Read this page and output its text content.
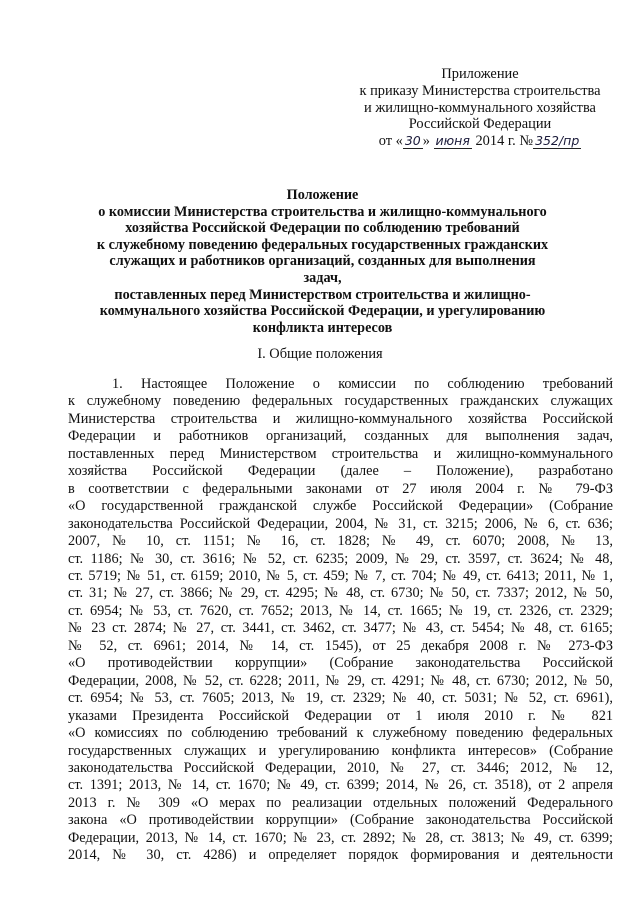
Приложение
к приказу Министерства строительства
и жилищно-коммунального хозяйства
Российской Федерации
от « 30 » июня 2014 г. № 352/пр
Положение
о комиссии Министерства строительства и жилищно-коммунального
хозяйства Российской Федерации по соблюдению требований
к служебному поведению федеральных государственных гражданских
служащих и работников организаций, созданных для выполнения задач,
поставленных перед Министерством строительства и жилищно-
коммунального хозяйства Российской Федерации, и урегулированию
конфликта интересов
I. Общие положения
1. Настоящее Положение о комиссии по соблюдению требований
к служебному поведению федеральных государственных гражданских служащих
Министерства строительства и жилищно-коммунального хозяйства Российской
Федерации и работников организаций, созданных для выполнения задач,
поставленных перед Министерством строительства и жилищно-коммунального
хозяйства Российской Федерации (далее – Положение), разработано
в соответствии с федеральными законами от 27 июля 2004 г. № 79-ФЗ
«О государственной гражданской службе Российской Федерации» (Собрание
законодательства Российской Федерации, 2004, № 31, ст. 3215; 2006, № 6, ст. 636;
2007, № 10, ст. 1151; № 16, ст. 1828; № 49, ст. 6070; 2008, № 13,
ст. 1186; № 30, ст. 3616; № 52, ст. 6235; 2009, № 29, ст. 3597, ст. 3624; № 48,
ст. 5719; № 51, ст. 6159; 2010, № 5, ст. 459; № 7, ст. 704; № 49, ст. 6413; 2011, № 1,
ст. 31; № 27, ст. 3866; № 29, ст. 4295; № 48, ст. 6730; № 50, ст. 7337; 2012, № 50,
ст. 6954; № 53, ст. 7620, ст. 7652; 2013, № 14, ст. 1665; № 19, ст. 2326, ст. 2329;
№ 23 ст. 2874; № 27, ст. 3441, ст. 3462, ст. 3477; № 43, ст. 5454; № 48, ст. 6165;
№ 52, ст. 6961; 2014, № 14, ст. 1545), от 25 декабря 2008 г. № 273-ФЗ
«О противодействии коррупции» (Собрание законодательства Российской
Федерации, 2008, № 52, ст. 6228; 2011, № 29, ст. 4291; № 48, ст. 6730; 2012, № 50,
ст. 6954; № 53, ст. 7605; 2013, № 19, ст. 2329; № 40, ст. 5031; № 52, ст. 6961),
указами Президента Российской Федерации от 1 июля 2010 г. № 821
«О комиссиях по соблюдению требований к служебному поведению федеральных
государственных служащих и урегулированию конфликта интересов» (Собрание
законодательства Российской Федерации, 2010, № 27, ст. 3446; 2012, № 12,
ст. 1391; 2013, № 14, ст. 1670; № 49, ст. 6399; 2014, № 26, ст. 3518), от 2 апреля
2013 г. № 309 «О мерах по реализации отдельных положений Федерального
закона «О противодействии коррупции» (Собрание законодательства Российской
Федерации, 2013, № 14, ст. 1670; № 23, ст. 2892; № 28, ст. 3813; № 49, ст. 6399;
2014, № 30, ст. 4286) и определяет порядок формирования и деятельности
